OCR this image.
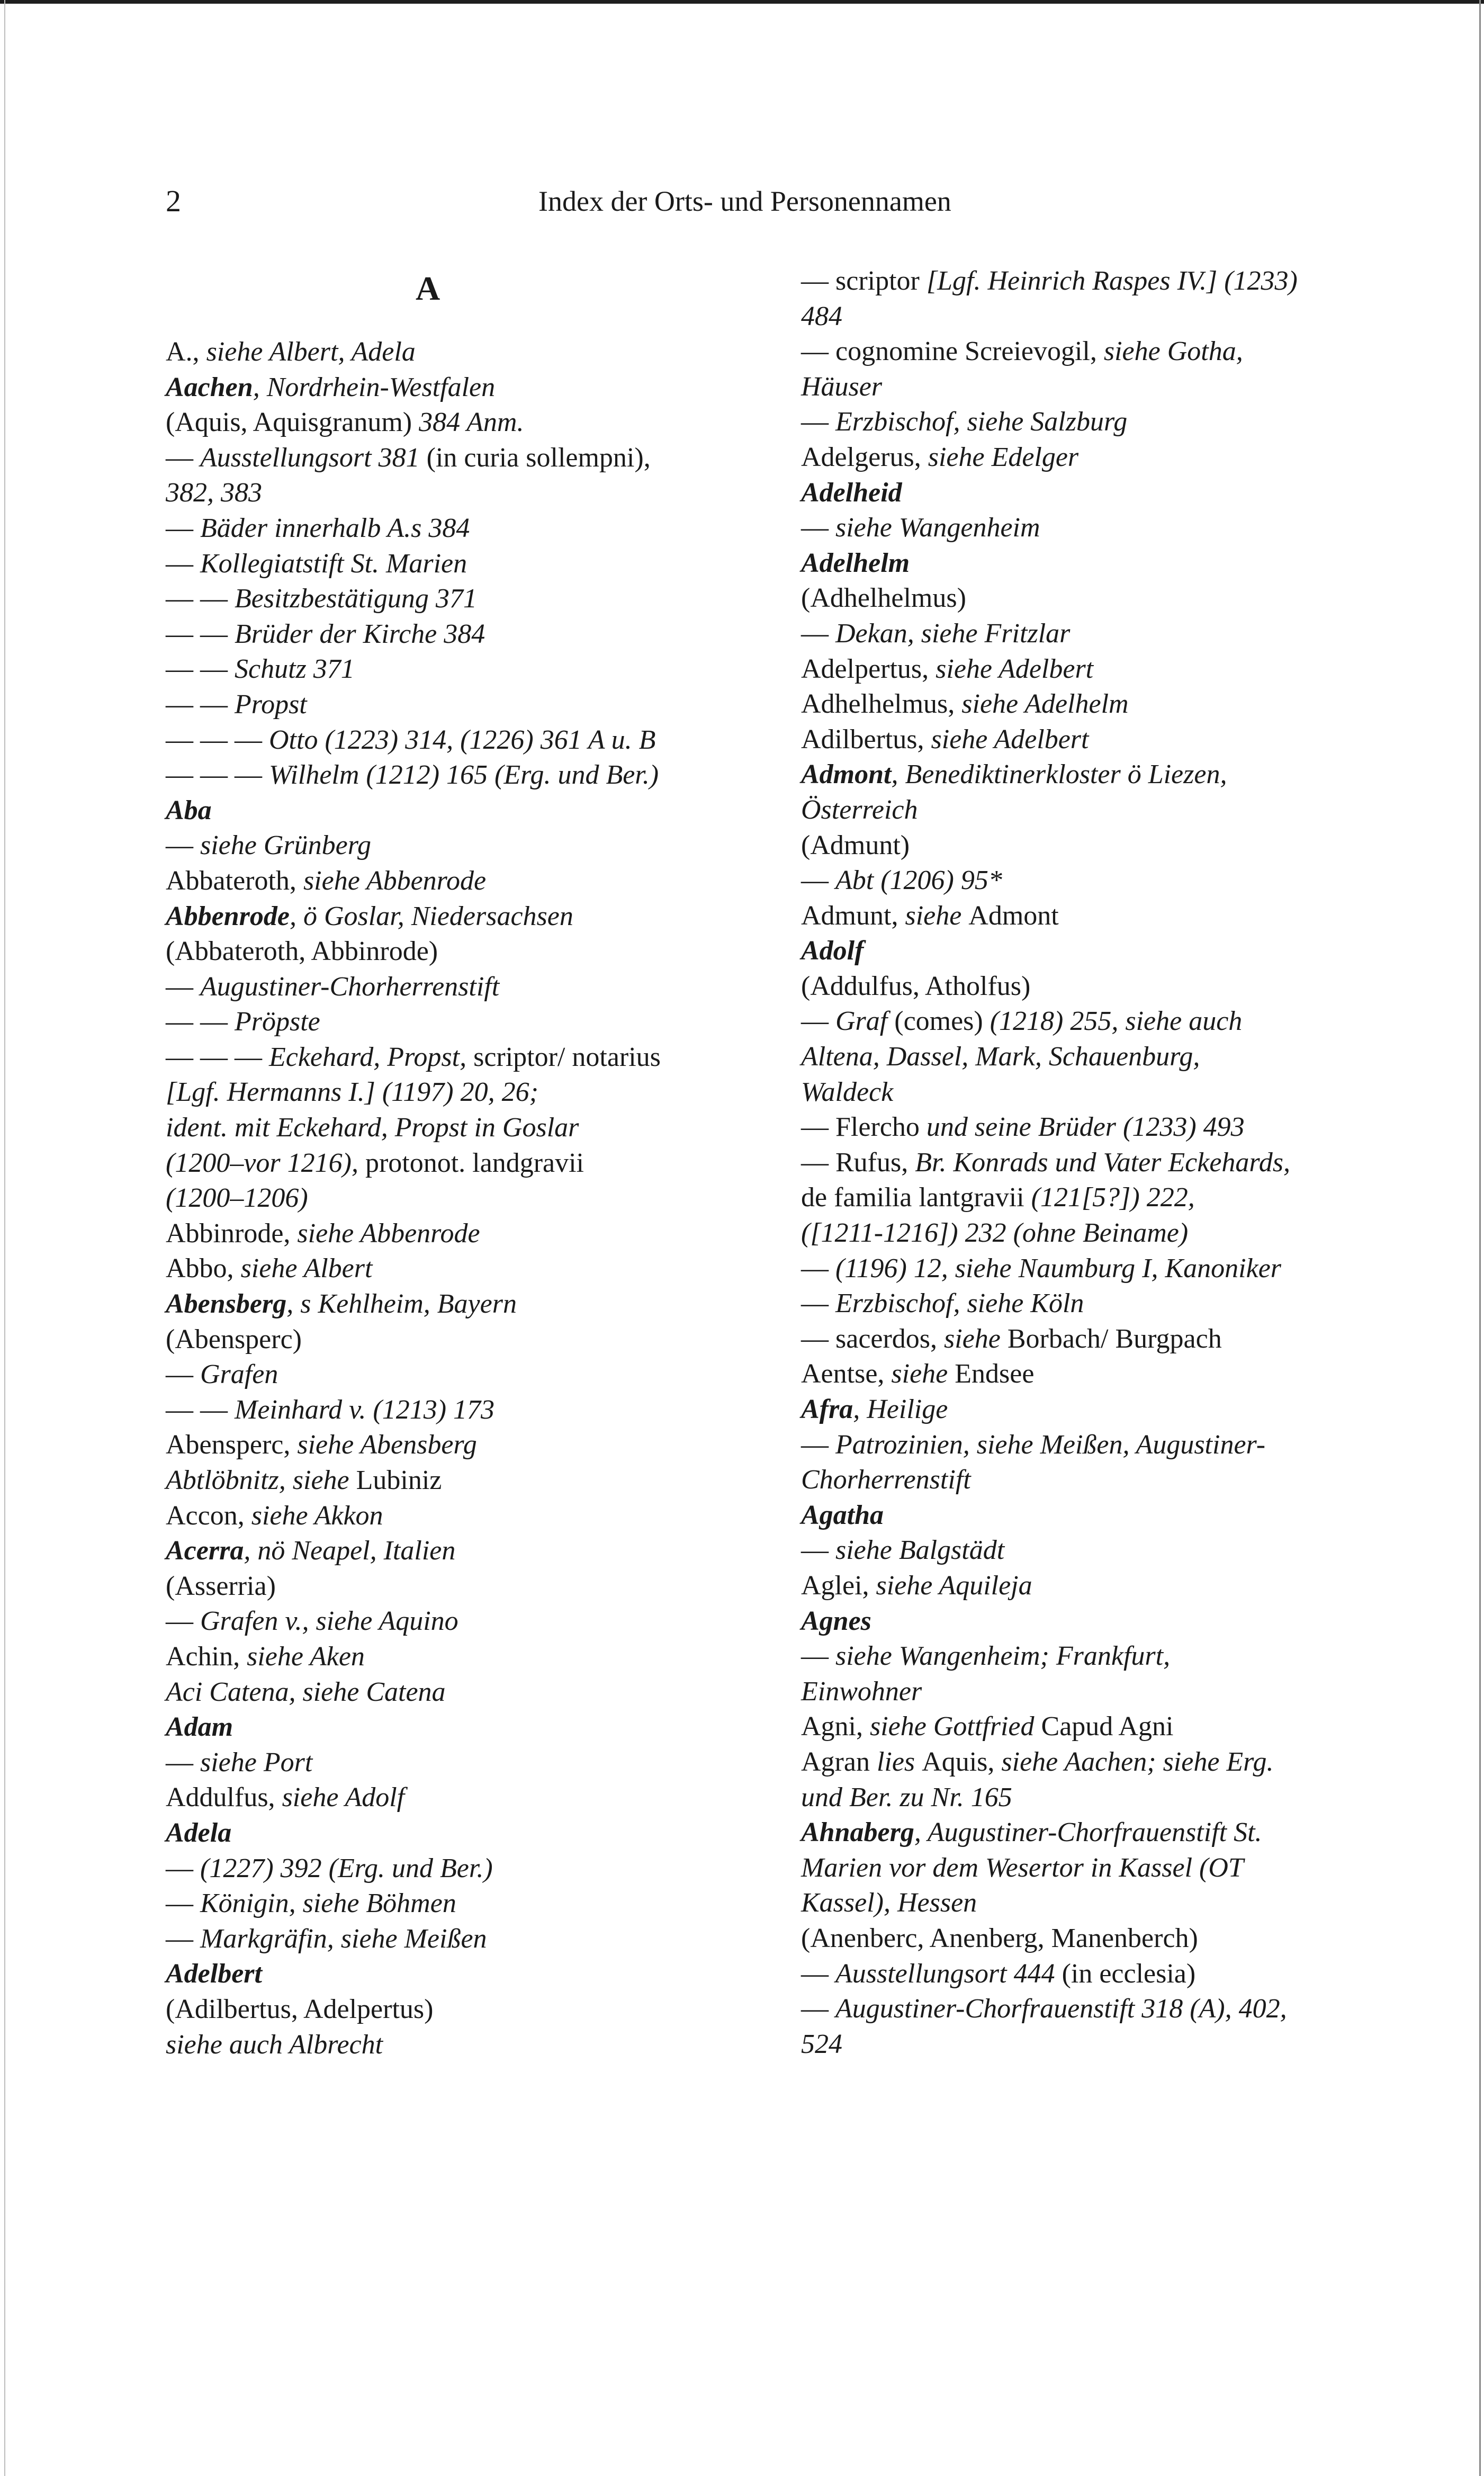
2	Index der Orts- und Personennamen
A
A., siehe Albert, Adela
Aachen, Nordrhein-Westfalen
(Aquis, Aquisgranum) 384 Anm.
— Ausstellungsort 381 (in curia sollempni),
382, 383
— Bäder innerhalb A.s 384
— Kollegiatstift St. Marien
— — Besitzbestätigung 371
— — Brüder der Kirche 384
— — Schutz 371
— — Propst
— — — Otto (1223) 314, (1226) 361 A u. B
— — — Wilhelm (1212) 165 (Erg. und Ber.)
Aba
— siehe Grünberg
Abbateroth, siehe Abbenrode
Abbenrode, ö Goslar, Niedersachsen
(Abbateroth, Abbinrode)
— Augustiner-Chorherrenstift
— — Pröpste
— — — Eckehard, Propst, scriptor/ notarius
[Lgf. Hermanns I.] (1197) 20, 26;
ident. mit Eckehard, Propst in Goslar
(1200–vor 1216), protonot. landgravii
(1200–1206)
Abbinrode, siehe Abbenrode
Abbo, siehe Albert
Abensberg, s Kehlheim, Bayern
(Abensperc)
— Grafen
— — Meinhard v. (1213) 173
Abensperc, siehe Abensberg
Abtlöbnitz, siehe Lubiniz
Accon, siehe Akkon
Acerra, nö Neapel, Italien
(Asserria)
— Grafen v., siehe Aquino
Achin, siehe Aken
Aci Catena, siehe Catena
Adam
— siehe Port
Addulfus, siehe Adolf
Adela
— (1227) 392 (Erg. und Ber.)
— Königin, siehe Böhmen
— Markgräfin, siehe Meißen
Adelbert
(Adilbertus, Adelpertus)
siehe auch Albrecht
— scriptor [Lgf. Heinrich Raspes IV.] (1233)
484
— cognomine Screievogil, siehe Gotha,
Häuser
— Erzbischof, siehe Salzburg
Adelgerus, siehe Edelger
Adelheid
— siehe Wangenheim
Adelhelm
(Adhelhelmus)
— Dekan, siehe Fritzlar
Adelpertus, siehe Adelbert
Adhelhelmus, siehe Adelhelm
Adilbertus, siehe Adelbert
Admont, Benediktinerkloster ö Liezen,
Österreich
(Admunt)
— Abt (1206) 95*
Admunt, siehe Admont
Adolf
(Addulfus, Atholfus)
— Graf (comes) (1218) 255, siehe auch
Altena, Dassel, Mark, Schauenburg,
Waldeck
— Flercho und seine Brüder (1233) 493
— Rufus, Br. Konrads und Vater Eckehards,
de familia lantgravii (121[5?]) 222,
([1211-1216]) 232 (ohne Beiname)
— (1196) 12, siehe Naumburg I, Kanoniker
— Erzbischof, siehe Köln
— sacerdos, siehe Borbach/ Burgpach
Aentse, siehe Endsee
Afra, Heilige
— Patrozinien, siehe Meißen, Augustiner-
Chorherrenstift
Agatha
— siehe Balgstädt
Aglei, siehe Aquileja
Agnes
— siehe Wangenheim; Frankfurt,
Einwohner
Agni, siehe Gottfried Capud Agni
Agran lies Aquis, siehe Aachen; siehe Erg.
und Ber. zu Nr. 165
Ahnaberg, Augustiner-Chorfrauenstift St.
Marien vor dem Wesertor in Kassel (OT
Kassel), Hessen
(Anenberc, Anenberg, Manenberch)
— Ausstellungsort 444 (in ecclesia)
— Augustiner-Chorfrauenstift 318 (A), 402,
524
